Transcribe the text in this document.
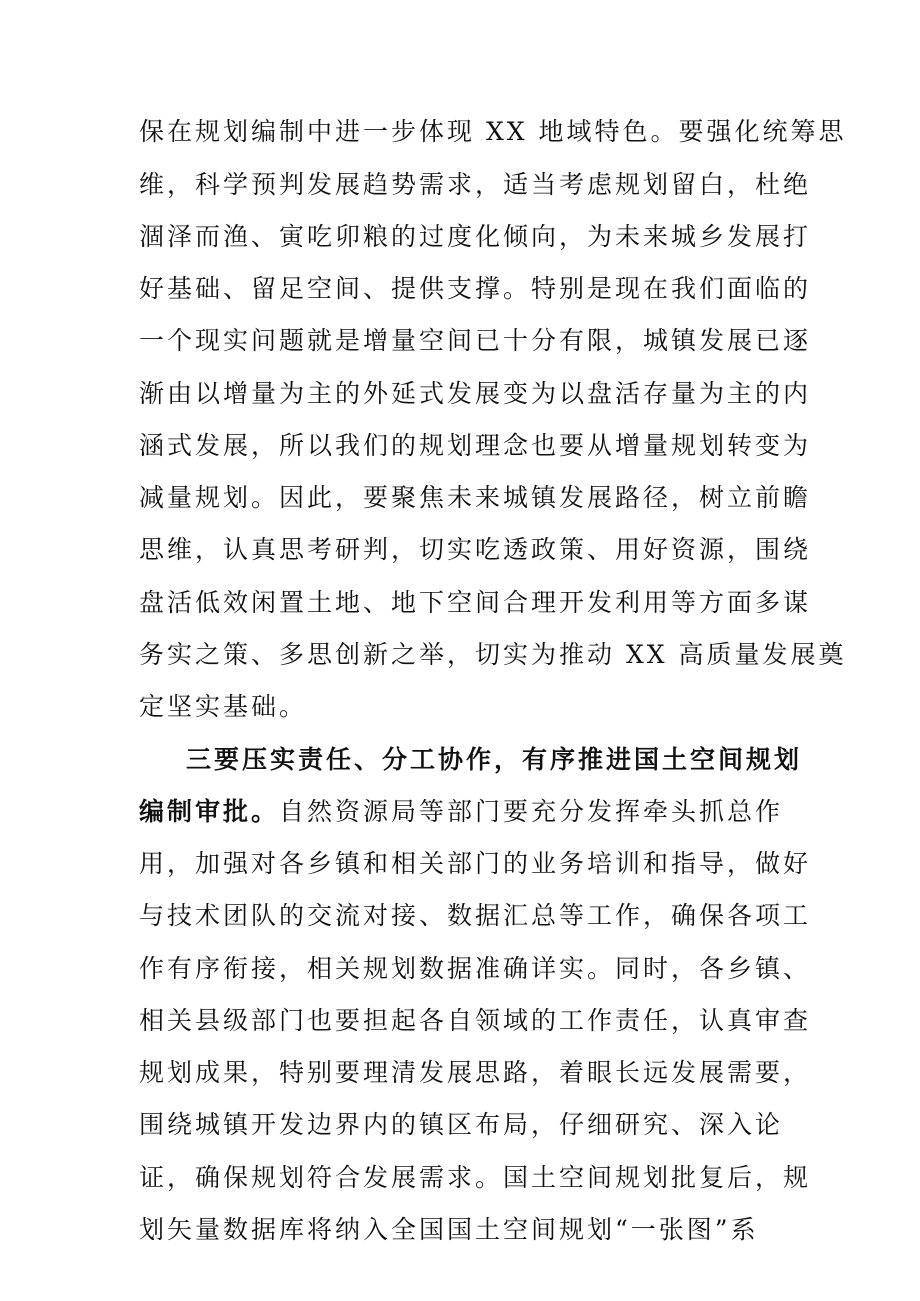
保在规划编制中进一步体现 XX 地域特色。要强化统筹思
维，科学预判发展趋势需求，适当考虑规划留白，杜绝
涸泽而渔、寅吃卯粮的过度化倾向，为未来城乡发展打
好基础、留足空间、提供支撑。特别是现在我们面临的
一个现实问题就是增量空间已十分有限，城镇发展已逐
渐由以增量为主的外延式发展变为以盘活存量为主的内
涵式发展，所以我们的规划理念也要从增量规划转变为
减量规划。因此，要聚焦未来城镇发展路径，树立前瞻
思维，认真思考研判，切实吃透政策、用好资源，围绕
盘活低效闲置土地、地下空间合理开发利用等方面多谋
务实之策、多思创新之举，切实为推动 XX 高质量发展奠
定坚实基础。
三要压实责任、分工协作，有序推进国土空间规划
编制审批。自然资源局等部门要充分发挥牵头抓总作
用，加强对各乡镇和相关部门的业务培训和指导，做好
与技术团队的交流对接、数据汇总等工作，确保各项工
作有序衔接，相关规划数据准确详实。同时，各乡镇、
相关县级部门也要担起各自领域的工作责任，认真审查
规划成果，特别要理清发展思路，着眼长远发展需要，
围绕城镇开发边界内的镇区布局，仔细研究、深入论
证，确保规划符合发展需求。国土空间规划批复后，规
划矢量数据库将纳入全国国土空间规划“一张图”系
